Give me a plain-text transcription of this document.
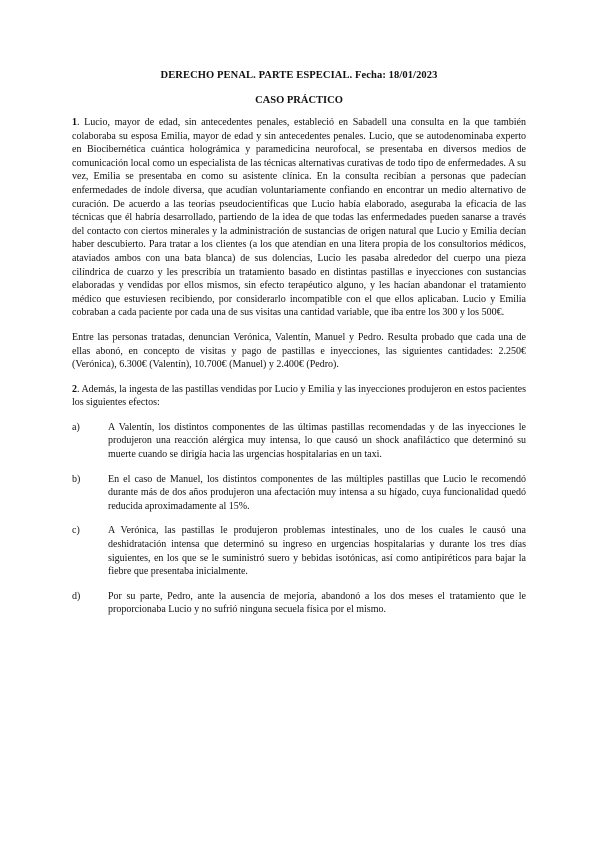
DERECHO PENAL. PARTE ESPECIAL. Fecha: 18/01/2023
CASO PRÁCTICO

1. Lucio, mayor de edad, sin antecedentes penales, estableció en Sabadell una consulta en la que también colaboraba su esposa Emilia, mayor de edad y sin antecedentes penales. Lucio, que se autodenominaba experto en Biocibernética cuántica holográmica y paramedicina neurofocal, se presentaba en diversos medios de comunicación local como un especialista de las técnicas alternativas curativas de todo tipo de enfermedades. A su vez, Emilia se presentaba en como su asistente clínica. En la consulta recibían a personas que padecían enfermedades de índole diversa, que acudían voluntariamente confiando en encontrar un medio alternativo de curación. De acuerdo a las teorías pseudocientíficas que Lucio había elaborado, aseguraba la eficacia de las técnicas que él habría desarrollado, partiendo de la idea de que todas las enfermedades pueden sanarse a través del contacto con ciertos minerales y la administración de sustancias de origen natural que Lucio y Emilia decían haber descubierto. Para tratar a los clientes (a los que atendían en una litera propia de los consultorios médicos, ataviados ambos con una bata blanca) de sus dolencias, Lucio les pasaba alrededor del cuerpo una pieza cilíndrica de cuarzo y les prescribía un tratamiento basado en distintas pastillas e inyecciones con sustancias elaboradas y vendidas por ellos mismos, sin efecto terapéutico alguno, y les hacían abandonar el tratamiento médico que estuviesen recibiendo, por considerarlo incompatible con el que ellos aplicaban. Lucio y Emilia cobraban a cada paciente por cada una de sus visitas una cantidad variable, que iba entre los 300 y los 500€.

Entre las personas tratadas, denuncian Verónica, Valentín, Manuel y Pedro. Resulta probado que cada una de ellas abonó, en concepto de visitas y pago de pastillas e inyecciones, las siguientes cantidades: 2.250€ (Verónica), 6.300€ (Valentín), 10.700€ (Manuel) y 2.400€ (Pedro).

2. Además, la ingesta de las pastillas vendidas por Lucio y Emilia y las inyecciones produjeron en estos pacientes los siguientes efectos:

a)	A Valentín, los distintos componentes de las últimas pastillas recomendadas y de las inyecciones le produjeron una reacción alérgica muy intensa, lo que causó un shock anafiláctico que determinó su muerte cuando se dirigía hacia las urgencias hospitalarias en un taxi.
b)	En el caso de Manuel, los distintos componentes de las múltiples pastillas que Lucio le recomendó durante más de dos años produjeron una afectación muy intensa a su hígado, cuya funcionalidad quedó reducida aproximadamente al 15%.
c)	A Verónica, las pastillas le produjeron problemas intestinales, uno de los cuales le causó una deshidratación intensa que determinó su ingreso en urgencias hospitalarias y durante los tres días siguientes, en los que se le suministró suero y bebidas isotónicas, así como antipiréticos para bajar la fiebre que presentaba inicialmente.
d)	Por su parte, Pedro, ante la ausencia de mejoría, abandonó a los dos meses el tratamiento que le proporcionaba Lucio y no sufrió ninguna secuela física por el mismo.
